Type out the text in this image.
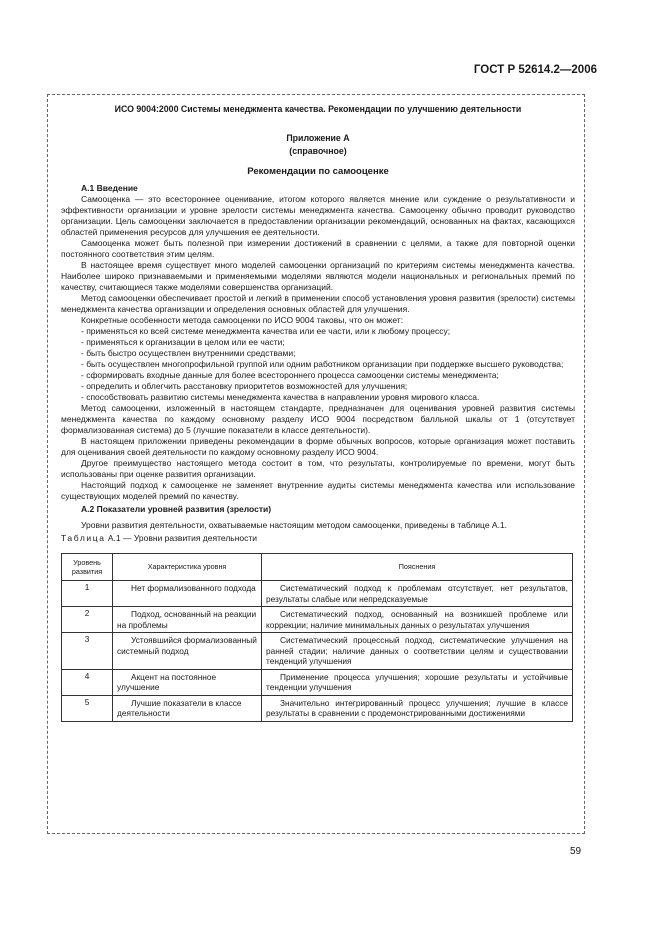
ГОСТ Р 52614.2—2006
ИСО 9004:2000 Системы менеджмента качества. Рекомендации по улучшению деятельности
Приложение А
(справочное)
Рекомендации по самооценке
А.1 Введение

Самооценка — это всестороннее оценивание, итогом которого является мнение или суждение о результативности и эффективности организации и уровне зрелости системы менеджмента качества. Самооценку обычно проводит руководство организации. Цель самооценки заключается в предоставлении организации рекомендаций, основанных на фактах, касающихся областей применения ресурсов для улучшения ее деятельности.

Самооценка может быть полезной при измерении достижений в сравнении с целями, а также для повторной оценки постоянного соответствия этим целям.

В настоящее время существует много моделей самооценки организаций по критериям системы менеджмента качества. Наиболее широко признаваемыми и применяемыми моделями являются модели национальных и региональных премий по качеству, считающиеся также моделями совершенства организаций.

Метод самооценки обеспечивает простой и легкий в применении способ установления уровня развития (зрелости) системы менеджмента качества организации и определения основных областей для улучшения.

Конкретные особенности метода самооценки по ИСО 9004 таковы, что он может:

- применяться ко всей системе менеджмента качества или ее части, или к любому процессу;
- применяться к организации в целом или ее части;
- быть быстро осуществлен внутренними средствами;
- быть осуществлен многопрофильной группой или одним работником организации при поддержке высшего руководства;
- сформировать входные данные для более всестороннего процесса самооценки системы менеджмента;
- определить и облегчить расстановку приоритетов возможностей для улучшения;
- способствовать развитию системы менеджмента качества в направлении уровня мирового класса.

Метод самооценки, изложенный в настоящем стандарте, предназначен для оценивания уровней развития системы менеджмента качества по каждому основному разделу ИСО 9004 посредством балльной шкалы от 1 (отсутствует формализованная система) до 5 (лучшие показатели в классе деятельности).

В настоящем приложении приведены рекомендации в форме обычных вопросов, которые организация может поставить для оценивания своей деятельности по каждому основному разделу ИСО 9004.

Другое преимущество настоящего метода состоит в том, что результаты, контролируемые по времени, могут быть использованы при оценке развития организации.

Настоящий подход к самооценке не заменяет внутренние аудиты системы менеджмента качества или использование существующих моделей премий по качеству.

А.2 Показатели уровней развития (зрелости)

Уровни развития деятельности, охватываемые настоящим методом самооценки, приведены в таблице А.1.

Таблица А.1 — Уровни развития деятельности
Уровень развития	Характеристика уровня	Пояснения
1	Нет формализованного подхода	Систематический подход к проблемам отсутствует, нет результатов, результаты слабые или непредсказуемые
2	Подход, основанный на реакции на проблемы	Систематический подход, основанный на возникшей проблеме или коррекции; наличие минимальных данных о результатах улучшения
3	Устоявшийся формализованный системный подход	Систематический процессный подход, систематические улучшения на ранней стадии; наличие данных о соответствии целям и существовании тенденций улучшения
4	Акцент на постоянное улучшение	Применение процесса улучшения; хорошие результаты и устойчивые тенденции улучшения
5	Лучшие показатели в классе деятельности	Значительно интегрированный процесс улучшения; лучшие в классе результаты в сравнении с продемонстрированными достижениями
59
